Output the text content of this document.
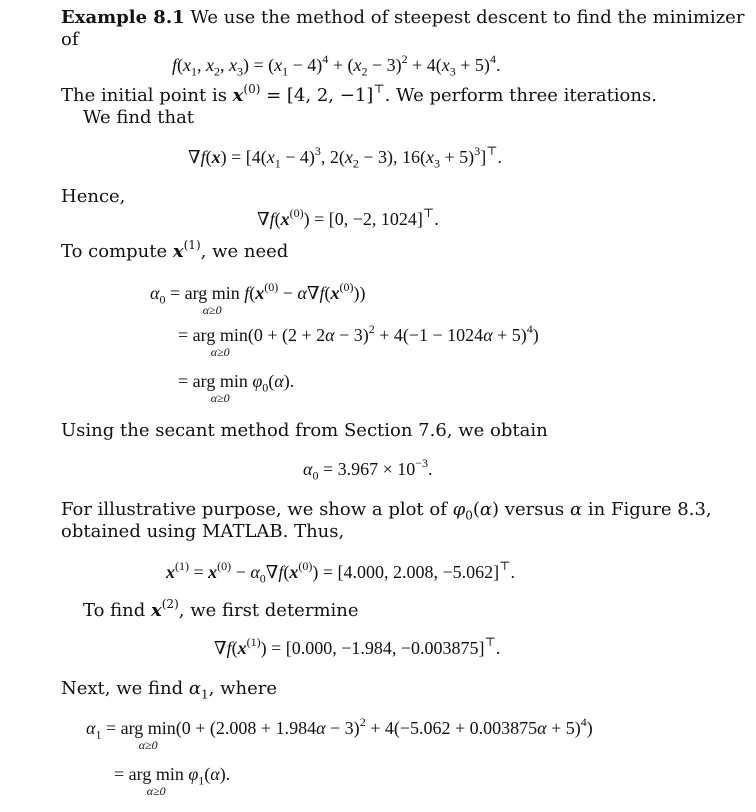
Example 8.1 We use the method of steepest descent to find the minimizer
of
$f(x_1$, $x_2$, $x_3) = (x_1 - 4)^4 + (x_2 - 3)^2 + 4(x_3 + 5)^4$.
The initial point is $x^{(0)} = [4$, 2, −1]⊤. We perform three iterations.
We find that
$\nabla f(x) = [4(x_1 - 4)^3$, $2(x_2 - 3)$, $16(x_3 + 5)^3]^⊤$.
Hence,
$\nabla f(x^{(0)}) = [0$, −2, 1024]⊤.
To compute $x^{(1)}$, we need
$\alpha_0$ = arg min
α≥0
$f(x^{(0)} - \alpha\nabla f(x^{(0)}))$
= arg min
α≥0
$(0 + (2 + 2\alpha - 3)^2 + 4(-1 - 1024\alpha + 5)^4)$
= arg min
α≥0
$\varphi_0(\alpha)$.
Using the secant method from Section 7.6, we obtain
$\alpha_0 = 3.967 \times 10^{-3}$.
For illustrative purpose, we show a plot of $\varphi_0(\alpha)$ versus α in Figure 8.3,
obtained using MATLAB. Thus,
$x^{(1)} = x^{(0)} - \alpha_0\nabla f(x^{(0)}) = [4.000$, 2.008, −5.062]⊤.
To find $x^{(2)}$, we first determine
$\nabla f(x^{(1)}) = [0.000$, −1.984, −0.003875]⊤.
Next, we find $\alpha_1$, where
$\alpha_1$ = arg min
α≥0
$(0 + (2.008 + 1.984\alpha - 3)^2 + 4(-5.062 + 0.003875\alpha + 5)^4)$
= arg min
α≥0
$\varphi_1(\alpha)$.
